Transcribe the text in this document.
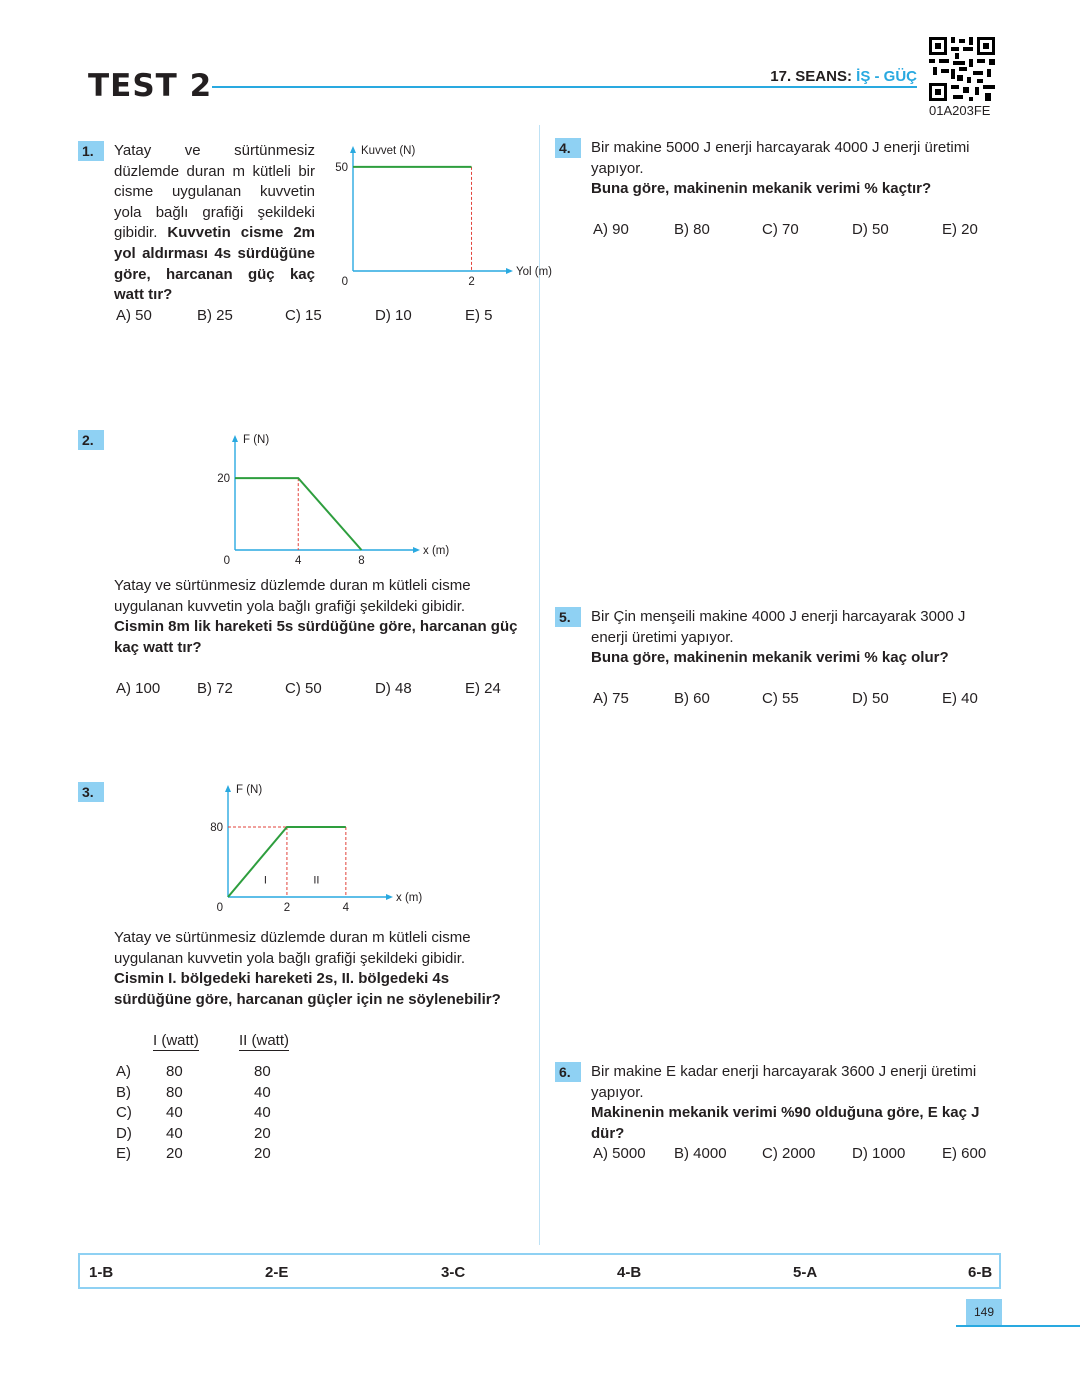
TEST 2	17. SEANS: İŞ - GÜÇ
01A203FE
1.	Yatay ve sürtünmesiz düzlemde duran m kütleli bir cisme uygulanan kuvvetin yola bağlı grafiği şekildeki gibidir. Kuvvetin cisme 2m yol aldırması 4s sürdüğüne göre, harcanan güç kaç watt tır?
Kuvvet (N)
Yol (m)
0	2
50
A) 50	B) 25	C) 15	D) 10	E) 5
2.	F (N)
x (m)
0	4	8
20
Yatay ve sürtünmesiz düzlemde duran m kütleli cisme uygulanan kuvvetin yola bağlı grafiği şekildeki gibidir. Cismin 8m lik hareketi 5s sürdüğüne göre, harcanan güç kaç watt tır?
A) 100 B) 72	C) 50	D) 48	E) 24
3.	F (N)
x (m)
0	2	4
80
I	II
Yatay ve sürtünmesiz düzlemde duran m kütleli cisme uygulanan kuvvetin yola bağlı grafiği şekildeki gibidir. Cismin I. bölgedeki hareketi 2s, II. bölgedeki 4s sürdüğüne göre, harcanan güçler için ne söylenebilir?
I (watt)	II (watt)
A) 80	80
B) 80	40
C) 40	40
D) 40	20
E) 20	20
4.	Bir makine 5000 J enerji harcayarak 4000 J enerji üretimi yapıyor.
Buna göre, makinenin mekanik verimi % kaçtır?
A) 90	B) 80	C) 70	D) 50	E) 20
5.	Bir Çin menşeili makine 4000 J enerji harcayarak 3000 J enerji üretimi yapıyor.
Buna göre, makinenin mekanik verimi % kaç olur?
A) 75	B) 60	C) 55	D) 50	E) 40
6.	Bir makine E kadar enerji harcayarak 3600 J enerji üretimi yapıyor.
Makinenin mekanik verimi %90 olduğuna göre, E kaç J dür?
A) 5000 B) 4000 C) 2000 D) 1000 E) 600
1-B	2-E	3-C	4-B	5-A	6-B
149
